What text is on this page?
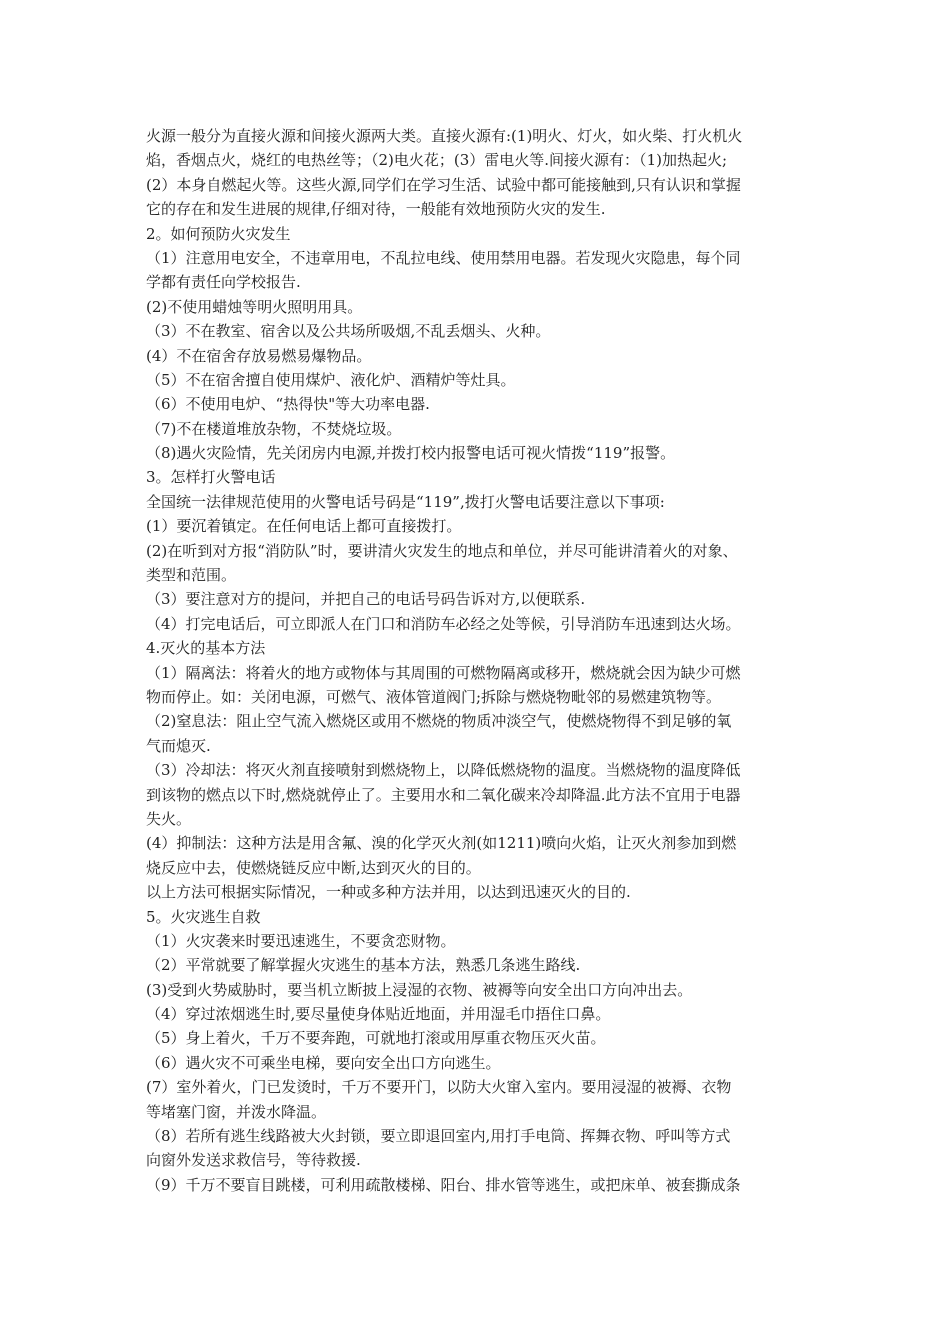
火源一般分为直接火源和间接火源两大类。直接火源有:(1)明火、灯火，如火柴、打火机火
焰，香烟点火，烧红的电热丝等；（2)电火花；(3）雷电火等.间接火源有：（1)加热起火;
(2）本身自燃起火等。这些火源,同学们在学习生活、试验中都可能接触到,只有认识和掌握
它的存在和发生进展的规律,仔细对待，一般能有效地预防火灾的发生.
2。如何预防火灾发生
（1）注意用电安全，不违章用电，不乱拉电线、使用禁用电器。若发现火灾隐患，每个同
学都有责任向学校报告.
(2)不使用蜡烛等明火照明用具。
（3）不在教室、宿舍以及公共场所吸烟,不乱丢烟头、火种。
(4）不在宿舍存放易燃易爆物品。
（5）不在宿舍擅自使用煤炉、液化炉、酒精炉等灶具。
（6）不使用电炉、“热得快"等大功率电器.
（7)不在楼道堆放杂物，不焚烧垃圾。
（8)遇火灾险情，先关闭房内电源,并拨打校内报警电话可视火情拨“119”报警。
3。怎样打火警电话
全国统一法律规范使用的火警电话号码是“119”,拨打火警电话要注意以下事项:
(1）要沉着镇定。在任何电话上都可直接拨打。
(2)在听到对方报“消防队”时，要讲清火灾发生的地点和单位，并尽可能讲清着火的对象、
类型和范围。
（3）要注意对方的提问，并把自己的电话号码告诉对方,以便联系.
（4）打完电话后，可立即派人在门口和消防车必经之处等候，引导消防车迅速到达火场。
4.灭火的基本方法
（1）隔离法：将着火的地方或物体与其周围的可燃物隔离或移开，燃烧就会因为缺少可燃
物而停止。如：关闭电源，可燃气、液体管道阀门;拆除与燃烧物毗邻的易燃建筑物等。
（2)窒息法：阻止空气流入燃烧区或用不燃烧的物质冲淡空气，使燃烧物得不到足够的氧
气而熄灭.
（3）冷却法：将灭火剂直接喷射到燃烧物上，以降低燃烧物的温度。当燃烧物的温度降低
到该物的燃点以下时,燃烧就停止了。主要用水和二氧化碳来冷却降温.此方法不宜用于电器
失火。
(4）抑制法：这种方法是用含氟、溴的化学灭火剂(如1211)喷向火焰，让灭火剂参加到燃
烧反应中去，使燃烧链反应中断,达到灭火的目的。
以上方法可根据实际情况，一种或多种方法并用，以达到迅速灭火的目的.
5。火灾逃生自救
（1）火灾袭来时要迅速逃生，不要贪恋财物。
（2）平常就要了解掌握火灾逃生的基本方法，熟悉几条逃生路线.
(3)受到火势威胁时，要当机立断披上浸湿的衣物、被褥等向安全出口方向冲出去。
（4）穿过浓烟逃生时,要尽量使身体贴近地面，并用湿毛巾捂住口鼻。
（5）身上着火，千万不要奔跑，可就地打滚或用厚重衣物压灭火苗。
（6）遇火灾不可乘坐电梯，要向安全出口方向逃生。
(7）室外着火，门已发烫时，千万不要开门，以防大火窜入室内。要用浸湿的被褥、衣物
等堵塞门窗，并泼水降温。
（8）若所有逃生线路被大火封锁，要立即退回室内,用打手电筒、挥舞衣物、呼叫等方式
向窗外发送求救信号，等待救援.
（9）千万不要盲目跳楼，可利用疏散楼梯、阳台、排水管等逃生，或把床单、被套撕成条
